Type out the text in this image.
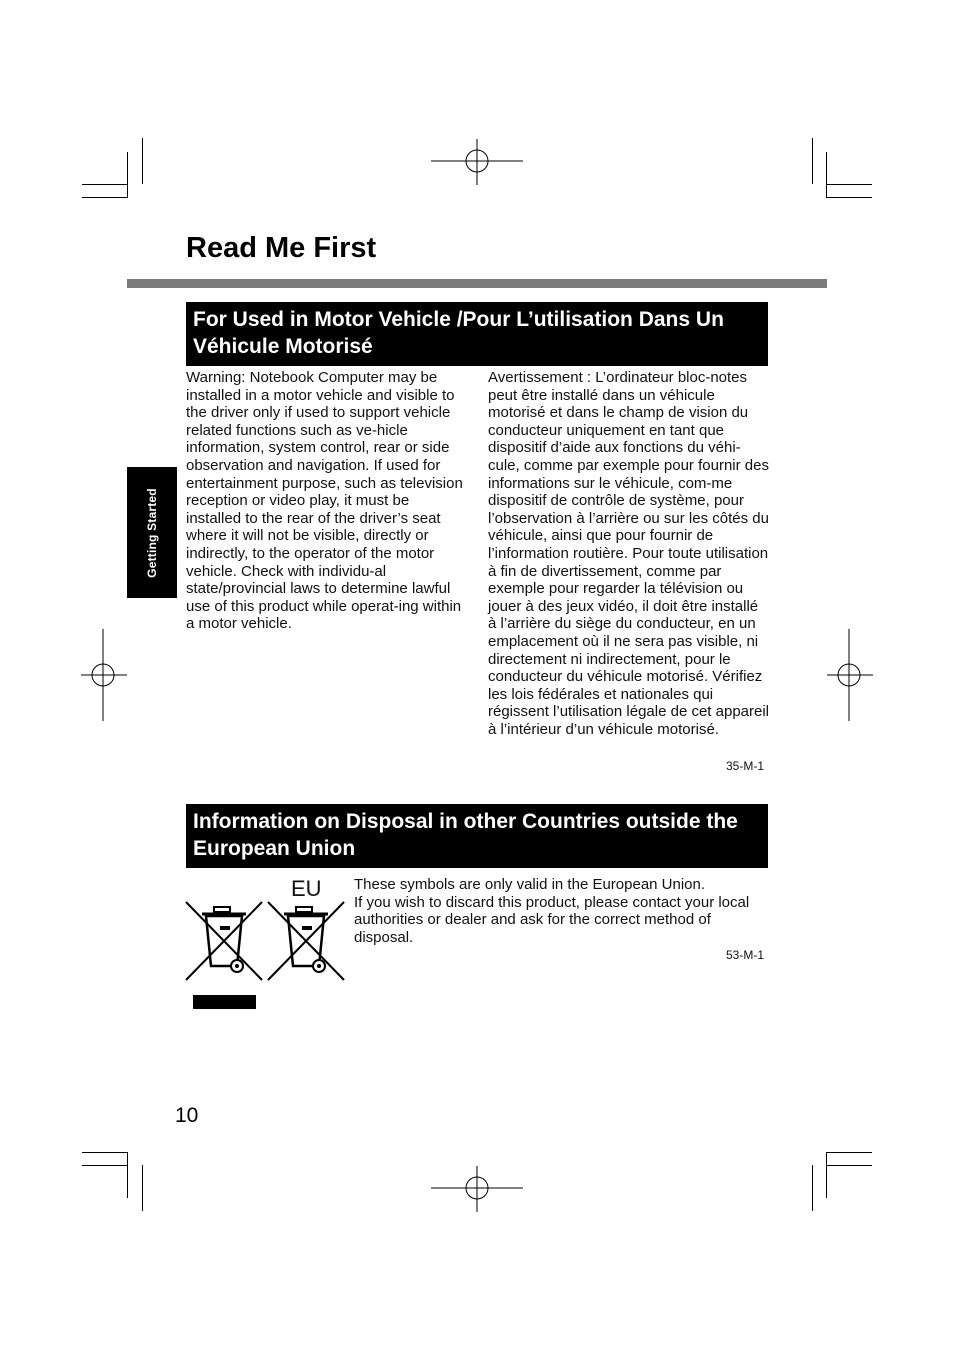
Read Me First
Getting Started
For Used in Motor Vehicle /Pour L’utilisation Dans Un Véhicule Motorisé

Warning: Notebook Computer may be installed in a motor vehicle and visible to the driver only if used to support vehicle related functions such as ve-hicle information, system control, rear or side observation and navigation. If used for entertainment purpose, such as television reception or video play, it must be installed to the rear of the driver’s seat where it will not be visible, directly or indirectly, to the operator of the motor vehicle. Check with individu-al state/provincial laws to determine lawful use of this product while operat-ing within a motor vehicle.

Avertissement : L’ordinateur bloc-notes peut être installé dans un véhicule motorisé et dans le champ de vision du conducteur uniquement en tant que dispositif d’aide aux fonctions du véhi-cule, comme par exemple pour fournir des informations sur le véhicule, com-me dispositif de contrôle de système, pour l’observation à l’arrière ou sur les côtés du véhicule, ainsi que pour fournir de l’information routière. Pour toute utilisation à fin de divertissement, comme par exemple pour regarder la télévision ou jouer à des jeux vidéo, il doit être installé à l’arrière du siège du conducteur, en un emplacement où il ne sera pas visible, ni directement ni indirectement, pour le conducteur du véhicule motorisé. Vérifiez les lois fédérales et nationales qui régissent l’utilisation légale de cet appareil à l’intérieur d’un véhicule motorisé.

35-M-1
Information on Disposal in other Countries outside the European Union
EU These symbols are only valid in the European Union.
If you wish to discard this product, please contact your local authorities or dealer and ask for the correct method of disposal.
53-M-1
10
